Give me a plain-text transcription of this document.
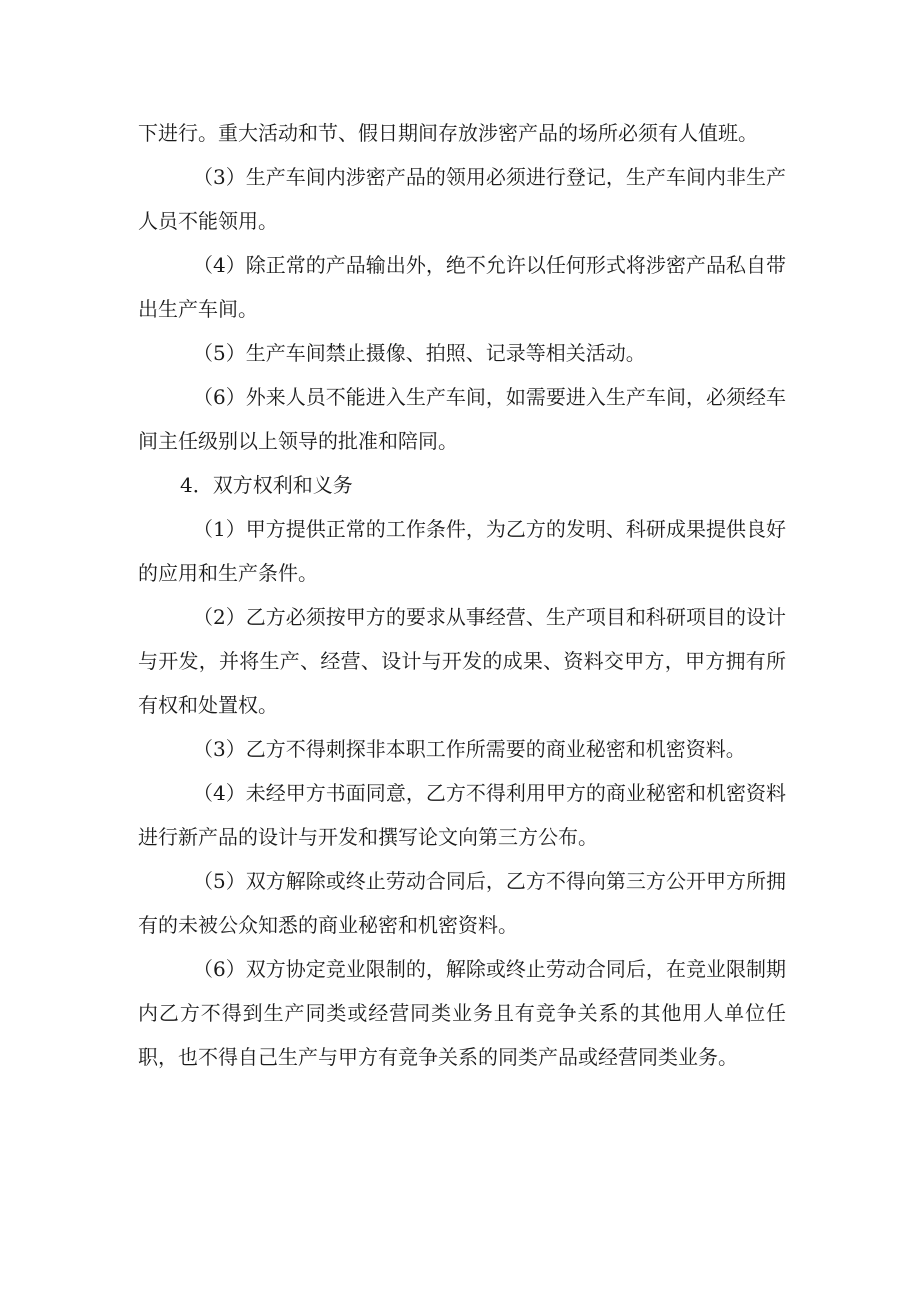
下进行。重大活动和节、假日期间存放涉密产品的场所必须有人值班。

（3）生产车间内涉密产品的领用必须进行登记，生产车间内非生产人员不能领用。

（4）除正常的产品输出外，绝不允许以任何形式将涉密产品私自带出生产车间。

（5）生产车间禁止摄像、拍照、记录等相关活动。

（6）外来人员不能进入生产车间，如需要进入生产车间，必须经车间主任级别以上领导的批准和陪同。

4．双方权利和义务

（1）甲方提供正常的工作条件，为乙方的发明、科研成果提供良好的应用和生产条件。

（2）乙方必须按甲方的要求从事经营、生产项目和科研项目的设计与开发，并将生产、经营、设计与开发的成果、资料交甲方，甲方拥有所有权和处置权。

（3）乙方不得刺探非本职工作所需要的商业秘密和机密资料。

（4）未经甲方书面同意，乙方不得利用甲方的商业秘密和机密资料进行新产品的设计与开发和撰写论文向第三方公布。

（5）双方解除或终止劳动合同后，乙方不得向第三方公开甲方所拥有的未被公众知悉的商业秘密和机密资料。

（6）双方协定竞业限制的，解除或终止劳动合同后，在竞业限制期内乙方不得到生产同类或经营同类业务且有竞争关系的其他用人单位任职，也不得自己生产与甲方有竞争关系的同类产品或经营同类业务。
